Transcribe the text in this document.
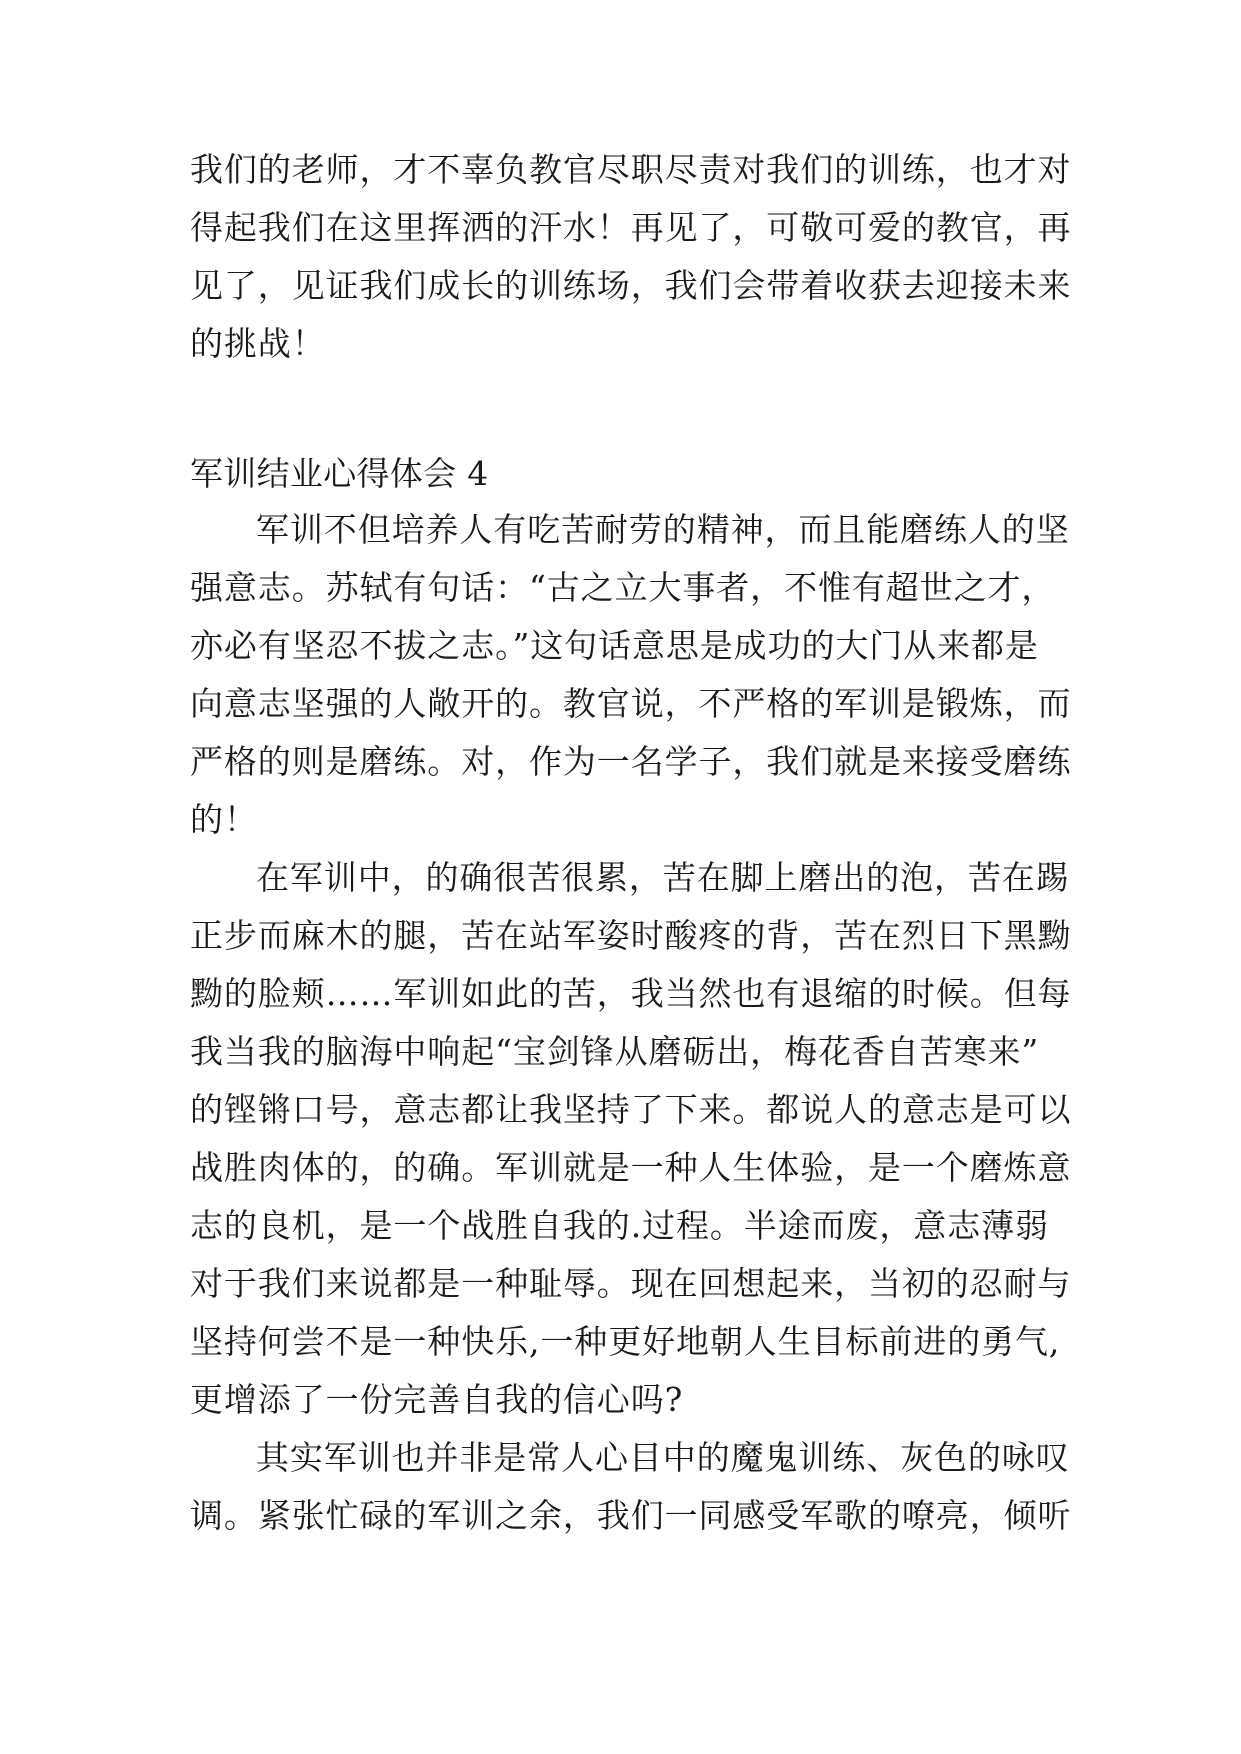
我们的老师，才不辜负教官尽职尽责对我们的训练，也才对
得起我们在这里挥洒的汗水！再见了，可敬可爱的教官，再
见了，见证我们成长的训练场，我们会带着收获去迎接未来
的挑战！
军训结业心得体会 4
军训不但培养人有吃苦耐劳的精神，而且能磨练人的坚
强意志。苏轼有句话：“古之立大事者，不惟有超世之才，
亦必有坚忍不拔之志。”这句话意思是成功的大门从来都是
向意志坚强的人敞开的。教官说，不严格的军训是锻炼，而
严格的则是磨练。对，作为一名学子，我们就是来接受磨练
的！
在军训中，的确很苦很累，苦在脚上磨出的泡，苦在踢
正步而麻木的腿，苦在站军姿时酸疼的背，苦在烈日下黑黝
黝的脸颊……军训如此的苦，我当然也有退缩的时候。但每
我当我的脑海中响起“宝剑锋从磨砺出，梅花香自苦寒来”
的铿锵口号，意志都让我坚持了下来。都说人的意志是可以
战胜肉体的，的确。军训就是一种人生体验，是一个磨炼意
志的良机，是一个战胜自我的.过程。半途而废，意志薄弱
对于我们来说都是一种耻辱。现在回想起来，当初的忍耐与
坚持何尝不是一种快乐,一种更好地朝人生目标前进的勇气,
更增添了一份完善自我的信心吗?
其实军训也并非是常人心目中的魔鬼训练、灰色的咏叹
调。紧张忙碌的军训之余，我们一同感受军歌的嘹亮，倾听
